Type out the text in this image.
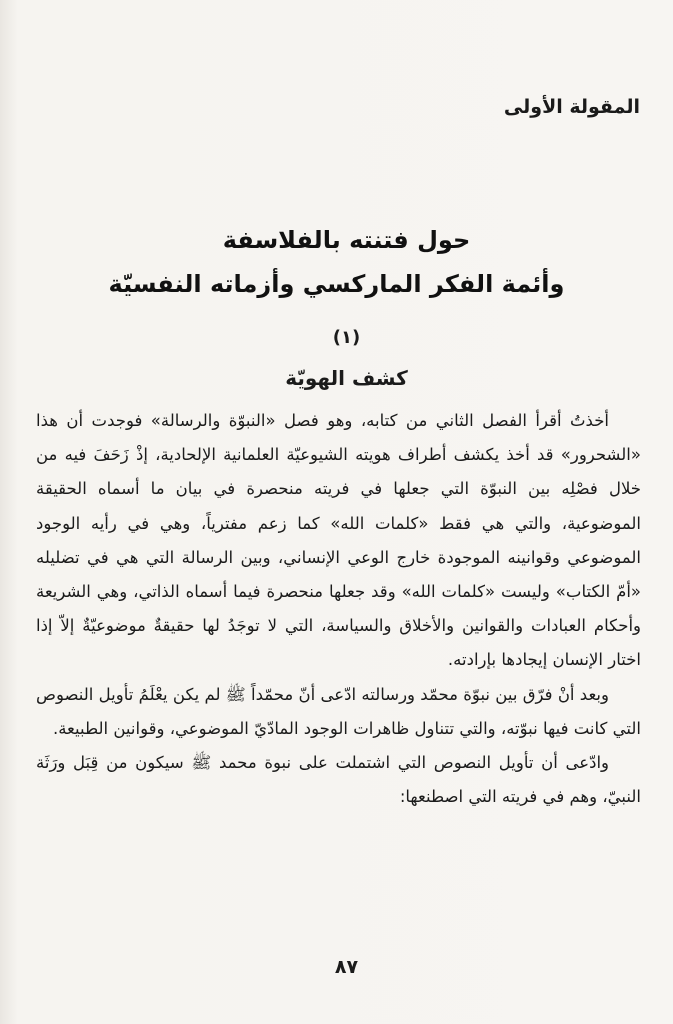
المقولة الأولى
حول فتنته بالفلاسفة
وأئمة الفكر الماركسي وأزماته النفسيّة
(١)
كشف الهويّة

أخذتُ أقرأ الفصل الثاني من كتابه، وهو فصل «النبوّة والرسالة» فوجدت أن هذا «الشحرور» قد أخذ يكشف أطراف هويته الشيوعيّة العلمانية الإلحادية، إذْ زَحَفَ فيه من خلال فصْلِه بين النبوّة التي جعلها في فريته منحصرة في بيان ما أسماه الحقيقة الموضوعية، والتي هي فقط «كلمات الله» كما زعم مفترياً، وهي في رأيه الوجود الموضوعي وقوانينه الموجودة خارج الوعي الإنساني، وبين الرسالة التي هي في تضليله «أمّ الكتاب» وليست «كلمات الله» وقد جعلها منحصرة فيما أسماه الذاتي، وهي الشريعة وأحكام العبادات والقوانين والأخلاق والسياسة، التي لا توجَدُ لها حقيقةٌ موضوعيّةٌ إلاّ إذا اختار الإنسان إيجادها بإرادته.

وبعد أنْ فرّق بين نبوّة محمّد ورسالته ادّعى أنّ محمّداً ﷺ لم يكن يعْلَمُ تأويل النصوص التي كانت فيها نبوّته، والتي تتناول ظاهرات الوجود المادّيّ الموضوعي، وقوانين الطبيعة.

وادّعى أن تأويل النصوص التي اشتملت على نبوة محمد ﷺ سيكون من قِبَل ورَثَة النبيّ، وهم في فريته التي اصطنعها:

٨٧
